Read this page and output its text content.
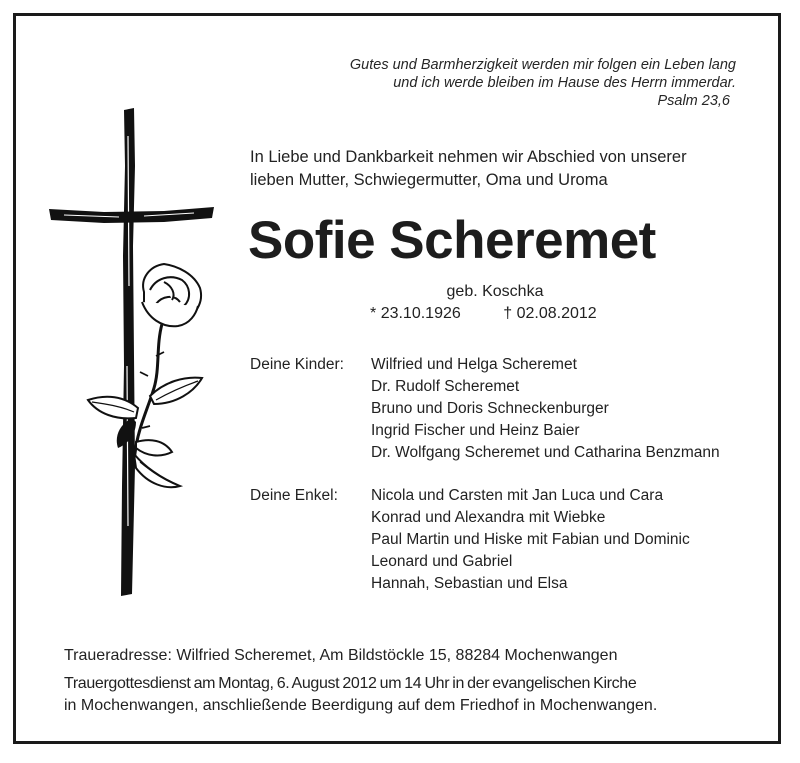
Gutes und Barmherzigkeit werden mir folgen ein Leben lang
und ich werde bleiben im Hause des Herrn immerdar.
Psalm 23,6
In Liebe und Dankbarkeit nehmen wir Abschied von unserer
lieben Mutter, Schwiegermutter, Oma und Uroma
Sofie Scheremet
geb. Koschka
* 23.10.1926	† 02.08.2012
Deine Kinder: Wilfried und Helga Scheremet
Dr. Rudolf Scheremet
Bruno und Doris Schneckenburger
Ingrid Fischer und Heinz Baier
Dr. Wolfgang Scheremet und Catharina Benzmann
Deine Enkel: Nicola und Carsten mit Jan Luca und Cara
Konrad und Alexandra mit Wiebke
Paul Martin und Hiske mit Fabian und Dominic
Leonard und Gabriel
Hannah, Sebastian und Elsa
Traueradresse: Wilfried Scheremet, Am Bildstöckle 15, 88284 Mochenwangen
Trauergottesdienst am Montag, 6. August 2012 um 14 Uhr in der evangelischen Kirche
in Mochenwangen, anschließende Beerdigung auf dem Friedhof in Mochenwangen.
